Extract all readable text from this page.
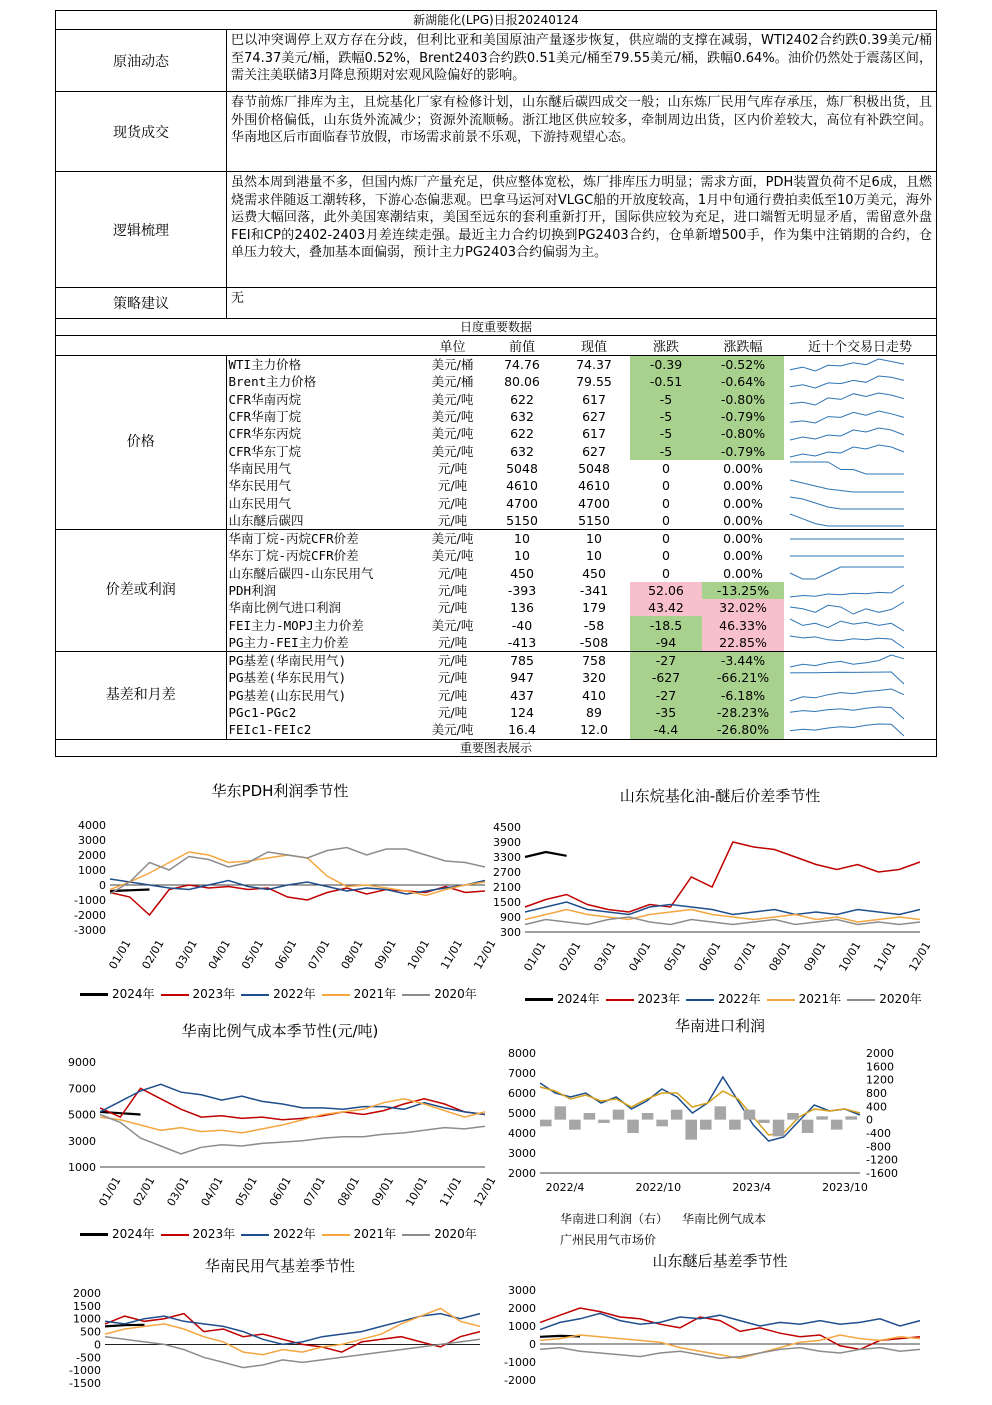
新湖能化(LPG)日报20240124
原油动态
巴以冲突调停上双方存在分歧，但利比亚和美国原油产量逐步恢复，供应端的支撑在减弱，WTI2402合约跌0.39美元/桶至74.37美元/桶，跌幅0.52%，Brent2403合约跌0.51美元/桶至79.55美元/桶，跌幅0.64%。油价仍然处于震荡区间，需关注美联储3月降息预期对宏观风险偏好的影响。
现货成交
春节前炼厂排库为主，且烷基化厂家有检修计划，山东醚后碳四成交一般；山东炼厂民用气库存承压，炼厂积极出货，且外围价格偏低，山东货外流减少；资源外流顺畅。浙江地区供应较多，牵制周边出货，区内价差较大，高位有补跌空间。华南地区后市面临春节放假，市场需求前景不乐观，下游持观望心态。
逻辑梳理
虽然本周到港量不多，但国内炼厂产量充足，供应整体宽松，炼厂排库压力明显；需求方面，PDH装置负荷不足6成，且燃烧需求伴随返工潮转移，下游心态偏悲观。巴拿马运河对VLGC船的开放度较高，1月中旬通行费拍卖低至10万美元，海外运费大幅回落，此外美国寒潮结束，美国至远东的套利重新打开，国际供应较为充足，进口端暂无明显矛盾，需留意外盘FEI和CP的2402-2403月差连续走强。最近主力合约切换到PG2403合约，仓单新增500手，作为集中注销期的合约，仓单压力较大，叠加基本面偏弱，预计主力PG2403合约偏弱为主。
策略建议	无
日度重要数据
		单位	前值	现值	涨跌	涨跌幅	近十个交易日走势
价格	WTI主力价格	美元/桶	74.76	74.37	-0.39	-0.52%	

	Brent主力价格	美元/桶	80.06	79.55	-0.51	-0.64%	

	CFR华南丙烷	美元/吨	622	617	-5	-0.80%	

	CFR华南丁烷	美元/吨	632	627	-5	-0.79%	

	CFR华东丙烷	美元/吨	622	617	-5	-0.80%	

	CFR华东丁烷	美元/吨	632	627	-5	-0.79%	

	华南民用气	元/吨	5048	5048	0	0.00%	

	华东民用气	元/吨	4610	4610	0	0.00%	

	山东民用气	元/吨	4700	4700	0	0.00%	

	山东醚后碳四	元/吨	5150	5150	0	0.00%	

价差或利润	华南丁烷-丙烷CFR价差	美元/吨	10	10	0	0.00%	

	华东丁烷-丙烷CFR价差	美元/吨	10	10	0	0.00%	

	山东醚后碳四-山东民用气	元/吨	450	450	0	0.00%	

	PDH利润	元/吨	-393	-341	52.06	-13.25%	

	华南比例气进口利润	元/吨	136	179	43.42	32.02%	

	FEI主力-MOPJ主力价差	美元/吨	-40	-58	-18.5	46.33%	

	PG主力-FEI主力价差	元/吨	-413	-508	-94	22.85%	

基差和月差	PG基差(华南民用气)	元/吨	785	758	-27	-3.44%	

	PG基差(华东民用气)	元/吨	947	320	-627	-66.21%	

	PG基差(山东民用气)	元/吨	437	410	-27	-6.18%	

	PGc1-PGc2	元/吨	124	89	-35	-28.23%	

	FEIc1-FEIc2	美元/吨	16.4	12.0	-4.4	-26.80%	
重要图表展示
华东PDH利润季节性
4000
3000
2000
1000
0
-1000
-2000
-3000
01/01 02/01 03/01 04/01 05/01 06/01 07/01 08/01 09/01 10/01 11/01 12/01
2024年	2023年	2022年	2021年	2020年
山东烷基化油-醚后价差季节性
4500
3900
3300
2700
2100
1500
900
300
01/01 02/01 03/01 04/01 05/01 06/01 07/01 08/01 09/01 10/01 11/01 12/01
2024年	2023年	2022年	2021年	2020年
华南比例气成本季节性(元/吨)
9000
7000
5000
3000
1000
01/01 02/01 03/01 04/01 05/01 06/01 07/01 08/01 09/01 10/01 11/01 12/01
2024年	2023年	2022年	2021年	2020年
华南进口利润
8000
7000
6000
5000
4000
3000
2000
2022/4	2022/10	2023/4	2023/10
2000
1600
1200
800
400
0
-400
-800
-1200
-1600
华南进口利润（右） 华南比例气成本
广州民用气市场价
华南民用气基差季节性
2000
1500
1000
500
0
-500
-1000
-1500
山东醚后基差季节性
3000
2000
1000
0
-1000
-2000
